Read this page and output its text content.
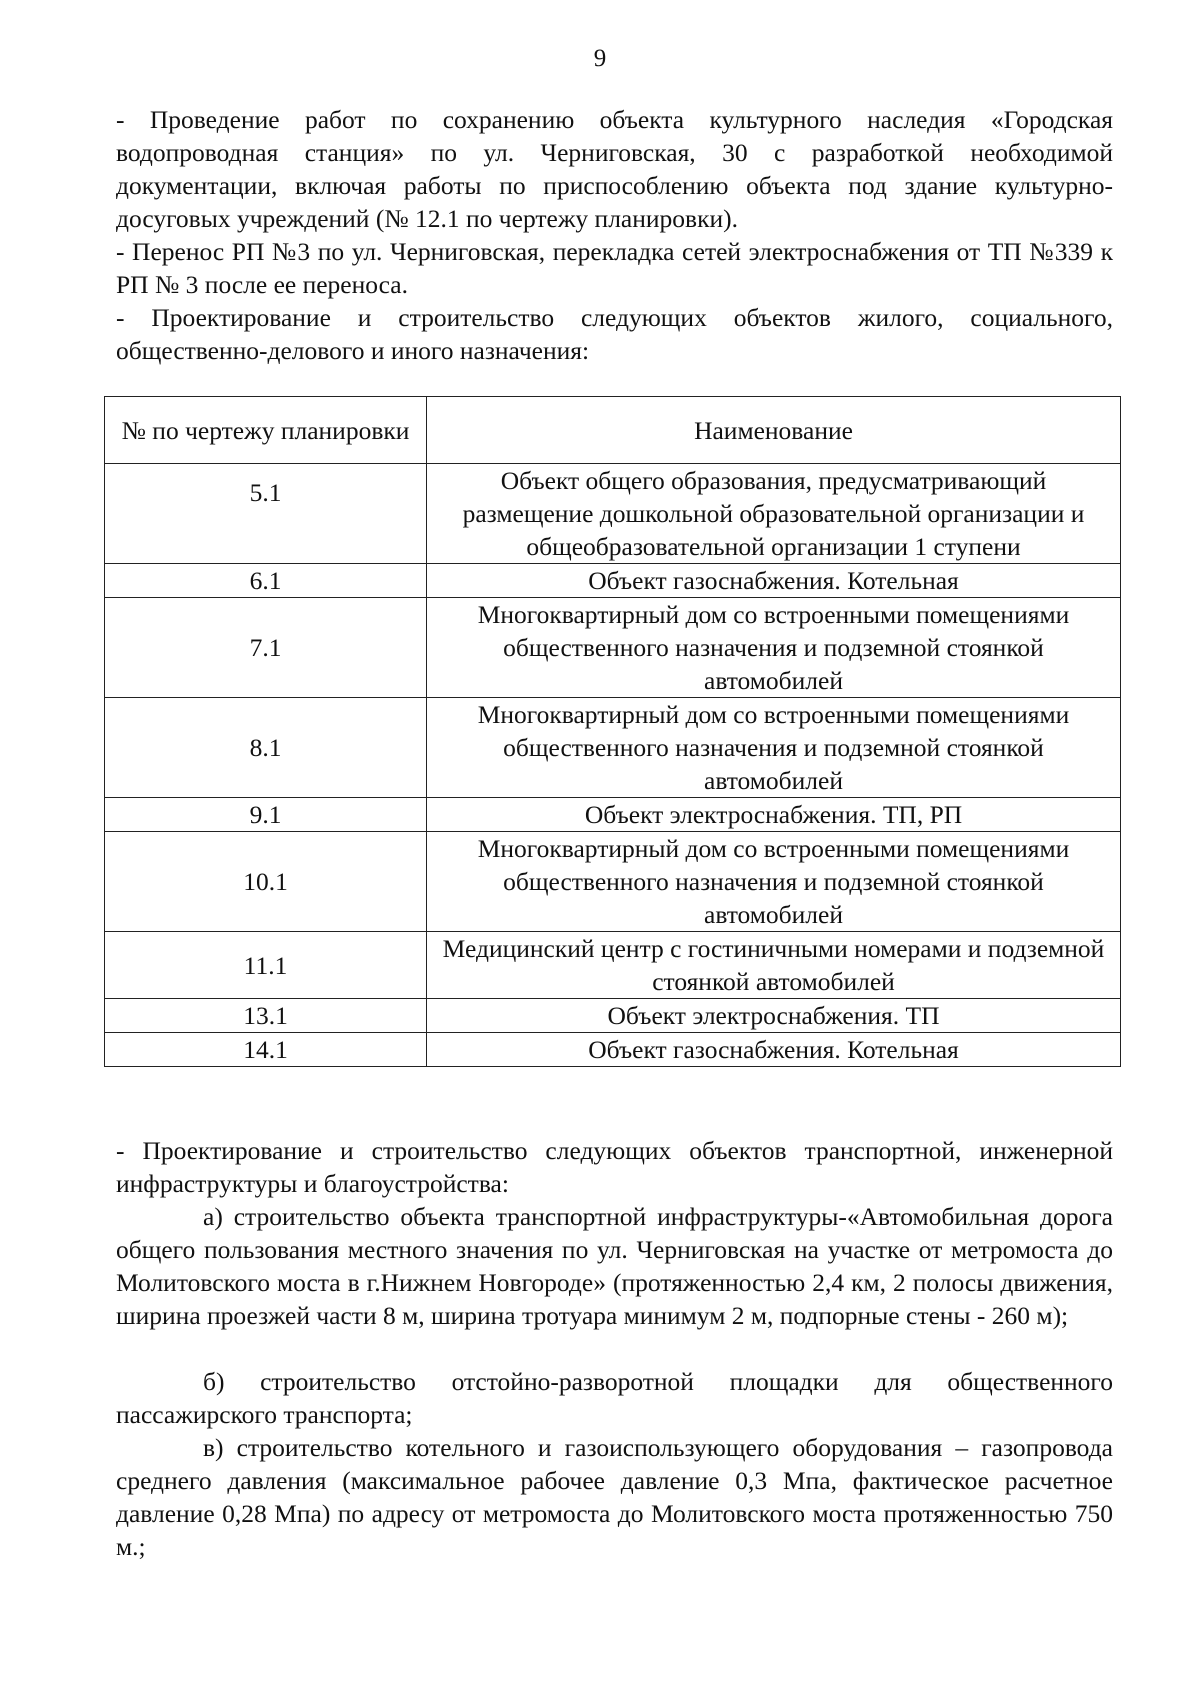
9

- Проведение работ по сохранению объекта культурного наследия «Городская водопроводная станция» по ул. Черниговская, 30 с разработкой необходимой документации, включая работы по приспособлению объекта под здание культурно-досуговых учреждений (№ 12.1 по чертежу планировки).

- Перенос РП №3 по ул. Черниговская, перекладка сетей электроснабжения от ТП №339 к РП № 3 после ее переноса.

- Проектирование и строительство следующих объектов жилого, социального, общественно-делового и иного назначения:

№ по чертежу планировки	Наименование
5.1	Объект общего образования, предусматривающий размещение дошкольной образовательной организации и общеобразовательной организации 1 ступени
6.1	Объект газоснабжения. Котельная
7.1	Многоквартирный дом со встроенными помещениями общественного назначения и подземной стоянкой автомобилей
8.1	Многоквартирный дом со встроенными помещениями общественного назначения и подземной стоянкой автомобилей
9.1	Объект электроснабжения. ТП, РП
10.1	Многоквартирный дом со встроенными помещениями общественного назначения и подземной стоянкой автомобилей
11.1	Медицинский центр с гостиничными номерами и подземной стоянкой автомобилей
13.1	Объект электроснабжения. ТП
14.1	Объект газоснабжения. Котельная

- Проектирование и строительство следующих объектов транспортной, инженерной инфраструктуры и благоустройства:

а) строительство объекта транспортной инфраструктуры-«Автомобильная дорога общего пользования местного значения по ул. Черниговская на участке от метромоста до Молитовского моста в г.Нижнем Новгороде» (протяженностью 2,4 км, 2 полосы движения, ширина проезжей части 8 м, ширина тротуара минимум 2 м, подпорные стены - 260 м);

б) строительство отстойно-разворотной площадки для общественного пассажирского транспорта;

в) строительство котельного и газоиспользующего оборудования – газопровода среднего давления (максимальное рабочее давление 0,3 Мпа, фактическое расчетное давление 0,28 Мпа) по адресу от метромоста до Молитовского моста протяженностью 750 м.;
